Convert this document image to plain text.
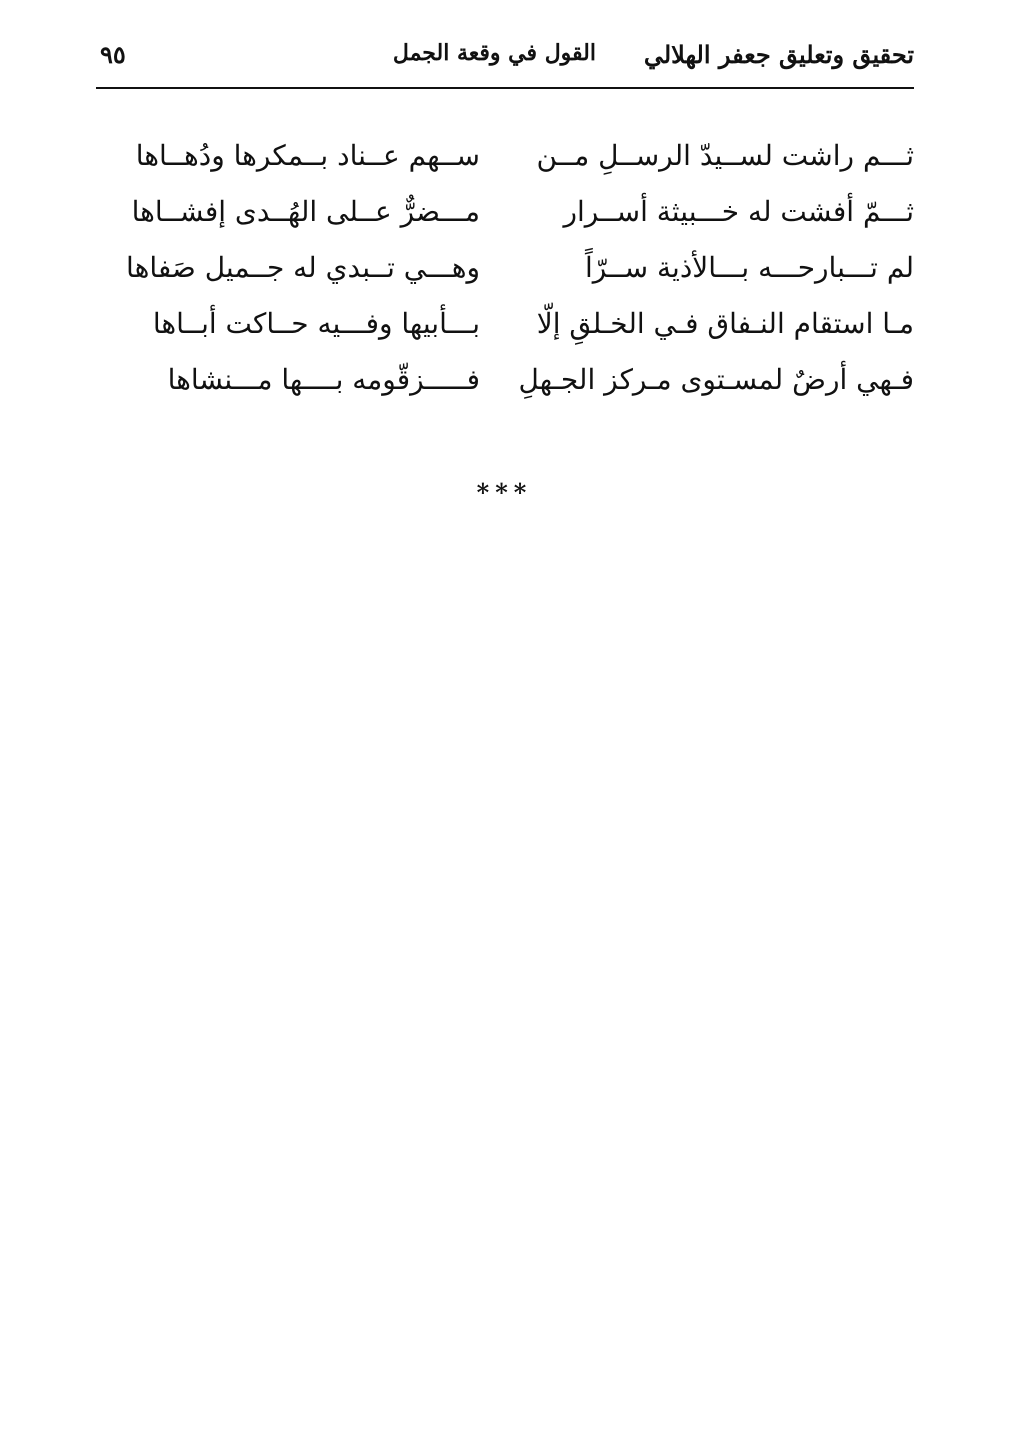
تحقيق وتعليق جعفر الهلالي
القول في وقعة الجمل
٩٥
ثـــم راشت لســيدّ الرســلِ مــن
ســهم عــناد بــمكرها ودُهــاها
ثـــمّ أفشت له خـــبيثة أســرار
مـــضرٌّ عــلى الهُــدى إفشــاها
لم تـــبارحـــه بـــالأذية ســرّاً
وهـــي تــبدي له جــميل صَفاها
مـا استقام النـفاق فـي الخـلقِ إلّا
بـــأبيها وفـــيه حــاكت أبــاها
فـهي أرضٌ لمسـتوى مـركز الجـهلِ
فـــــزقّومه بــــها مـــنشاها
***
